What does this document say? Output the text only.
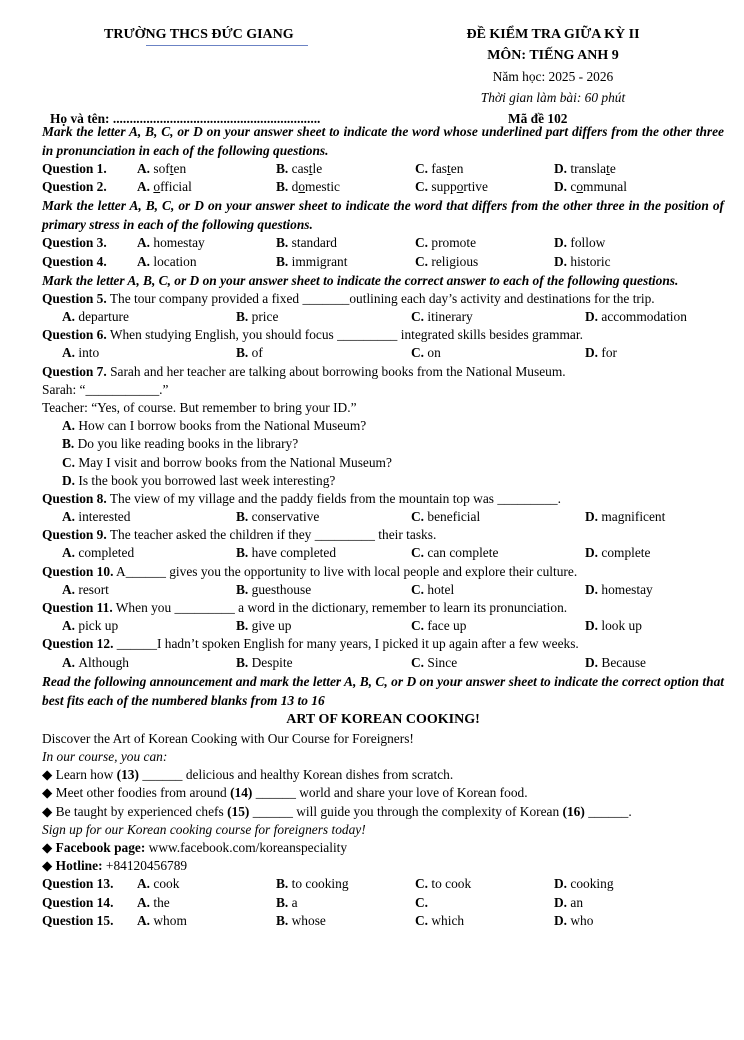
TRƯỜNG THCS ĐỨC GIANG	ĐỀ KIỂM TRA GIỮA KỲ II
MÔN: TIẾNG ANH 9
Năm học: 2025 - 2026
Thời gian làm bài: 60 phút
Họ và tên: ..............................................................	Mã đề 102

Mark the letter A, B, C, or D on your answer sheet to indicate the word whose underlined part differs from the other three in pronunciation in each of the following questions.

Question 1.	A. soften	B. castle	C. fasten	D. translate
Question 2.	A. official	B. domestic	C. supportive	D. communal

Mark the letter A, B, C, or D on your answer sheet to indicate the word that differs from the other three in the position of primary stress in each of the following questions.

Question 3.	A. homestay	B. standard	C. promote	D. follow
Question 4.	A. location	B. immigrant	C. religious	D. historic

Mark the letter A, B, C, or D on your answer sheet to indicate the correct answer to each of the following questions.

Question 5. The tour company provided a fixed _______outlining each day’s activity and destinations for the trip.

A. departure	B. price	C. itinerary	D. accommodation

Question 6. When studying English, you should focus _________ integrated skills besides grammar.

A. into	B. of	C. on	D. for

Question 7. Sarah and her teacher are talking about borrowing books from the National Museum.

Sarah: “___________.”

Teacher: “Yes, of course. But remember to bring your ID.”

A. How can I borrow books from the National Museum?
B. Do you like reading books in the library?
C. May I visit and borrow books from the National Museum?
D. Is the book you borrowed last week interesting?

Question 8. The view of my village and the paddy fields from the mountain top was _________.

A. interested	B. conservative	C. beneficial	D. magnificent

Question 9. The teacher asked the children if they _________ their tasks.

A. completed	B. have completed	C. can complete	D. complete

Question 10. A______ gives you the opportunity to live with local people and explore their culture.

A. resort	B. guesthouse	C. hotel	D. homestay

Question 11. When you _________ a word in the dictionary, remember to learn its pronunciation.

A. pick up	B. give up	C. face up	D. look up

Question 12. ______I hadn’t spoken English for many years, I picked it up again after a few weeks.

A. Although	B. Despite	C. Since	D. Because

Read the following announcement and mark the letter A, B, C, or D on your answer sheet to indicate the correct option that best fits each of the numbered blanks from 13 to 16

ART OF KOREAN COOKING!

Discover the Art of Korean Cooking with Our Course for Foreigners!

In our course, you can:

◆ Learn how (13) ______ delicious and healthy Korean dishes from scratch.

◆ Meet other foodies from around (14) ______ world and share your love of Korean food.

◆ Be taught by experienced chefs (15) ______ will guide you through the complexity of Korean (16) ______.

Sign up for our Korean cooking course for foreigners today!

◆ Facebook page: www.facebook.com/koreanspeciality

◆ Hotline: +84120456789

Question 13.	A. cook	B. to cooking	C. to cook	D. cooking
Question 14.	A. the	B. a	C.	D. an
Question 15.	A. whom	B. whose	C. which	D. who
